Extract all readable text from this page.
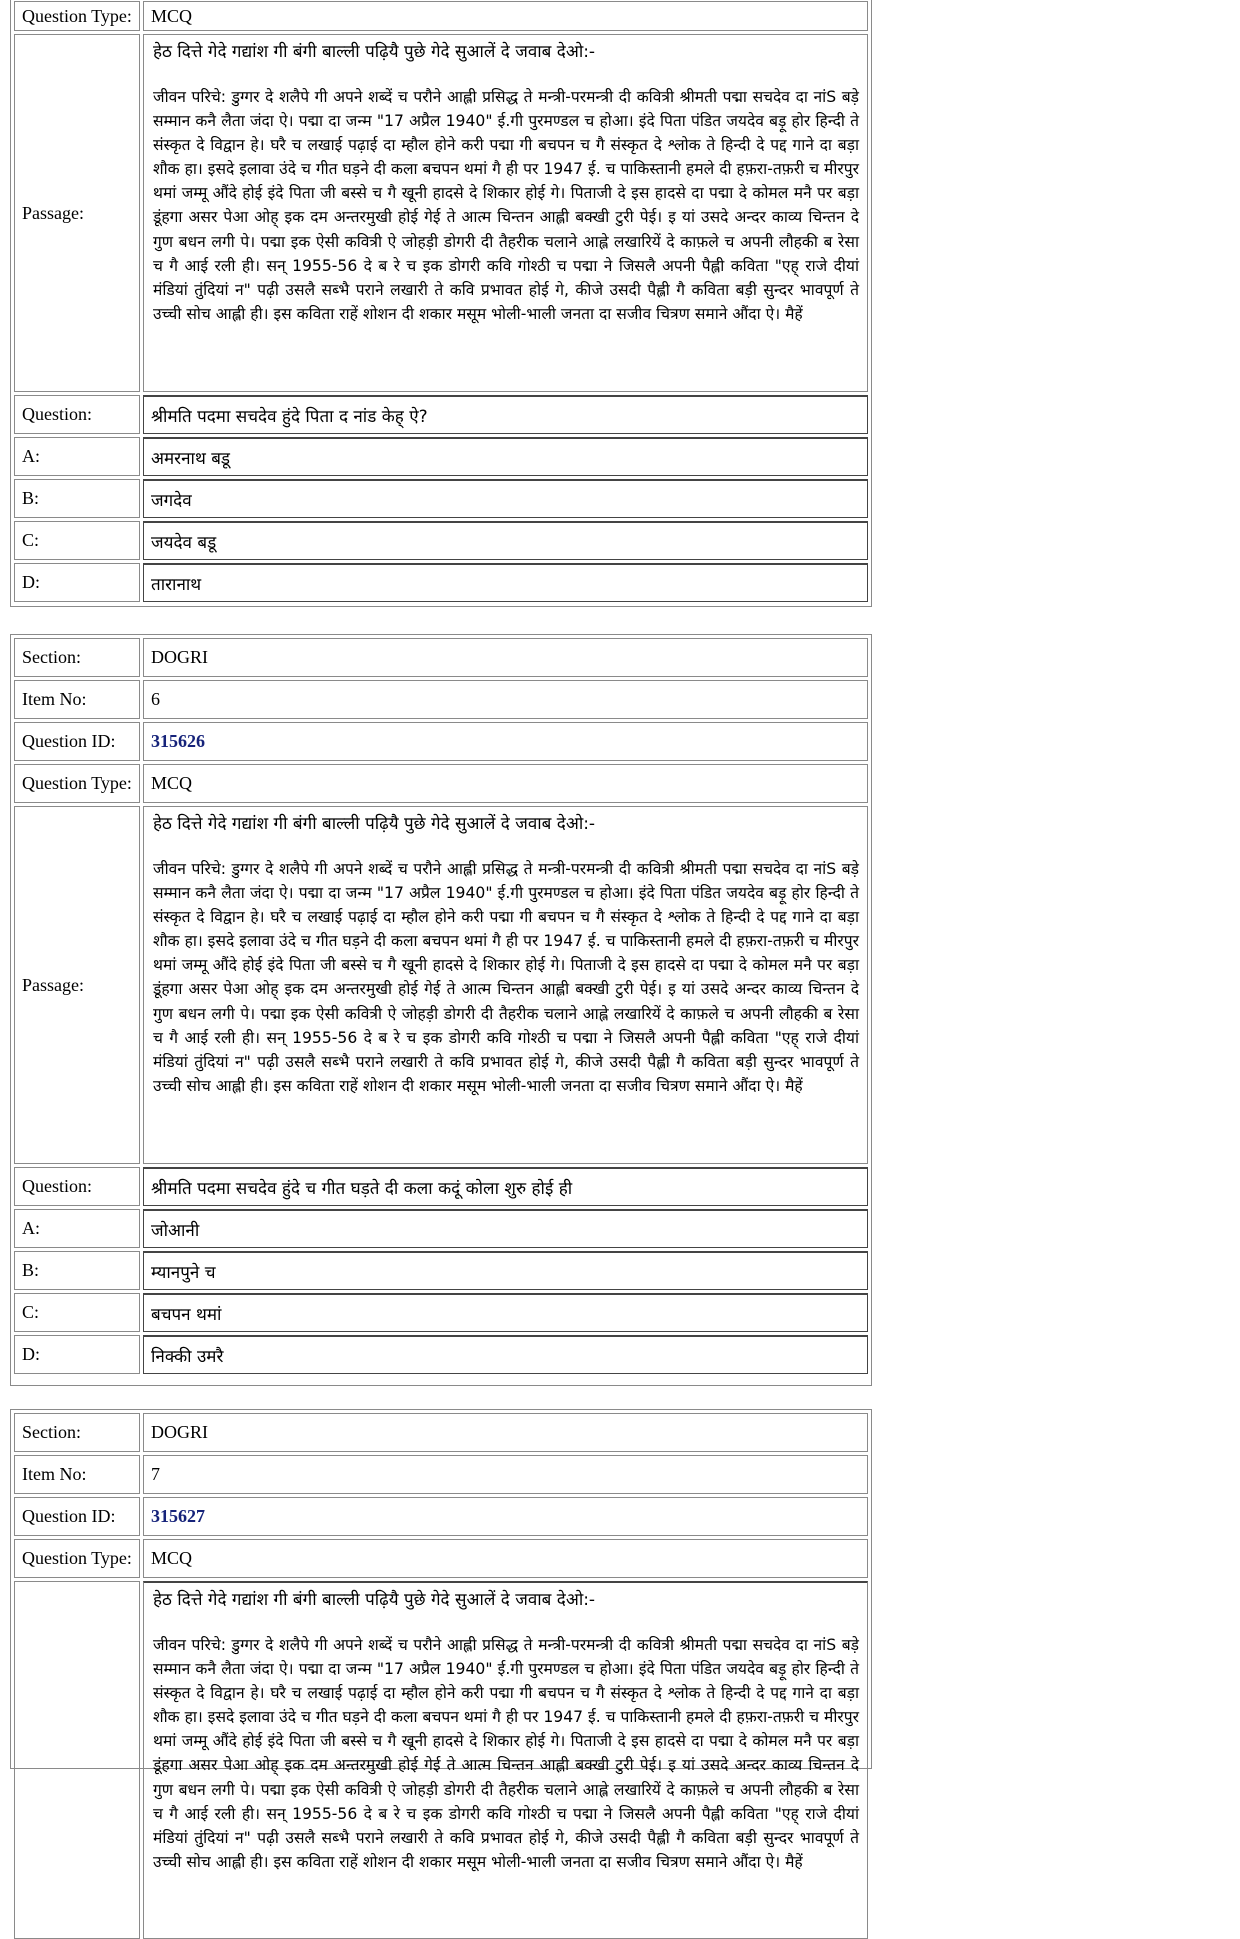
Question Type:	MCQ
Passage:
हेठ दित्ते गेदे गद्यांश गी बंगी बाल्ली पढ़ियै पुछे गेदे सुआलें दे जवाब देओ:-
जीवन परिचे: डुग्गर दे शलैपे गी अपने शब्दें च परौने आह्ली प्रसिद्ध ते मन्त्री-परमन्त्री दी कवित्री श्रीमती पद्मा सचदेव दा नांS बड़े सम्मान कनै लैता जंदा ऐ। पद्मा दा जन्म "17 अप्रैल 1940" ई.गी पुरमण्डल च होआ। इंदे पिता पंडित जयदेव बड़ू होर हिन्दी ते संस्कृत दे विद्वान हे। घरै च लखाई पढ़ाई दा म्हौल होने करी पद्मा गी बचपन च गै संस्कृत दे श्लोक ते हिन्दी दे पद्द गाने दा बड़ा शौक हा। इसदे इलावा उंदे च गीत घड़ने दी कला बचपन थमां गै ही पर 1947 ई. च पाकिस्तानी हमले दी हफ़रा-तफ़री च मीरपुर थमां जम्मू औंदे होई इंदे पिता जी बस्से च गै खूनी हादसे दे शिकार होई गे। पिताजी दे इस हादसे दा पद्मा दे कोमल मनै पर बड़ा डूंहगा असर पेआ ओह् इक दम अन्तरमुखी होई गेई ते आत्म चिन्तन आह्ली बक्खी टुरी पेई। इ यां उसदे अन्दर काव्य चिन्तन दे गुण बधन लगी पे। पद्मा इक ऐसी कवित्री ऐ जोहड़ी डोगरी दी तैहरीक चलाने आह्ले लखारियें दे काफ़ले च अपनी लौहकी ब रेसा च गै आई रली ही। सन् 1955-56 दे ब रे च इक डोगरी कवि गोश्ठी च पद्मा ने जिसलै अपनी पैह्ली कविता "एह् राजे दीयां मंडियां तुंदियां न" पढ़ी उसलै सब्भै पराने लखारी ते कवि प्रभावत होई गे, कीजे उसदी पैह्ली गै कविता बड़ी सुन्दर भावपूर्ण ते उच्ची सोच आह्ली ही। इस कविता राहें शोशन दी शकार मसूम भोली-भाली जनता दा सजीव चित्रण समाने औंदा ऐ। मैहें
Question:	श्रीमति पदमा सचदेव हुंदे पिता द नांड केह् ऐ?
A:	अमरनाथ बडू
B:	जगदेव
C:	जयदेव बडू
D:	तारानाथ
Section:	DOGRI
Item No:	6
Question ID:	315626
Question Type:	MCQ
Passage:
हेठ दित्ते गेदे गद्यांश गी बंगी बाल्ली पढ़ियै पुछे गेदे सुआलें दे जवाब देओ:-
जीवन परिचे: डुग्गर दे शलैपे गी अपने शब्दें च परौने आह्ली प्रसिद्ध ते मन्त्री-परमन्त्री दी कवित्री श्रीमती पद्मा सचदेव दा नांS बड़े सम्मान कनै लैता जंदा ऐ। पद्मा दा जन्म "17 अप्रैल 1940" ई.गी पुरमण्डल च होआ। इंदे पिता पंडित जयदेव बड़ू होर हिन्दी ते संस्कृत दे विद्वान हे। घरै च लखाई पढ़ाई दा म्हौल होने करी पद्मा गी बचपन च गै संस्कृत दे श्लोक ते हिन्दी दे पद्द गाने दा बड़ा शौक हा। इसदे इलावा उंदे च गीत घड़ने दी कला बचपन थमां गै ही पर 1947 ई. च पाकिस्तानी हमले दी हफ़रा-तफ़री च मीरपुर थमां जम्मू औंदे होई इंदे पिता जी बस्से च गै खूनी हादसे दे शिकार होई गे। पिताजी दे इस हादसे दा पद्मा दे कोमल मनै पर बड़ा डूंहगा असर पेआ ओह् इक दम अन्तरमुखी होई गेई ते आत्म चिन्तन आह्ली बक्खी टुरी पेई। इ यां उसदे अन्दर काव्य चिन्तन दे गुण बधन लगी पे। पद्मा इक ऐसी कवित्री ऐ जोहड़ी डोगरी दी तैहरीक चलाने आह्ले लखारियें दे काफ़ले च अपनी लौहकी ब रेसा च गै आई रली ही। सन् 1955-56 दे ब रे च इक डोगरी कवि गोश्ठी च पद्मा ने जिसलै अपनी पैह्ली कविता "एह् राजे दीयां मंडियां तुंदियां न" पढ़ी उसलै सब्भै पराने लखारी ते कवि प्रभावत होई गे, कीजे उसदी पैह्ली गै कविता बड़ी सुन्दर भावपूर्ण ते उच्ची सोच आह्ली ही। इस कविता राहें शोशन दी शकार मसूम भोली-भाली जनता दा सजीव चित्रण समाने औंदा ऐ। मैहें
Question:	श्रीमति पदमा सचदेव हुंदे च गीत घड़ते दी कला कदूं कोला शुरु होई ही
A:	जोआनी
B:	म्यानपुने च
C:	बचपन थमां
D:	निक्की उमरै
Section:	DOGRI
Item No:	7
Question ID:	315627
Question Type:	MCQ
हेठ दित्ते गेदे गद्यांश गी बंगी बाल्ली पढ़ियै पुछे गेदे सुआलें दे जवाब देओ:-
जीवन परिचे: डुग्गर दे शलैपे गी अपने शब्दें च परौने आह्ली प्रसिद्ध ते मन्त्री-परमन्त्री दी कवित्री श्रीमती पद्मा सचदेव दा नांS बड़े सम्मान कनै लैता जंदा ऐ। पद्मा दा जन्म "17 अप्रैल 1940" ई.गी पुरमण्डल च होआ। इंदे पिता पंडित जयदेव बड़ू होर हिन्दी ते संस्कृत दे विद्वान हे। घरै च लखाई पढ़ाई दा म्हौल होने करी पद्मा गी बचपन च गै संस्कृत दे श्लोक ते हिन्दी दे पद्द गाने दा बड़ा शौक हा। इसदे इलावा उंदे च गीत घड़ने दी कला बचपन थमां गै ही पर 1947 ई. च पाकिस्तानी हमले दी हफ़रा-तफ़री च मीरपुर थमां जम्मू औंदे होई इंदे पिता जी बस्से च गै खूनी हादसे दे शिकार होई गे। पिताजी दे इस हादसे दा पद्मा दे कोमल मनै पर बड़ा डूंहगा असर पेआ ओह् इक दम अन्तरमुखी होई गेई ते आत्म चिन्तन आह्ली बक्खी टुरी पेई। इ यां उसदे अन्दर काव्य चिन्तन दे गुण बधन लगी पे। पद्मा इक ऐसी कवित्री ऐ जोहड़ी डोगरी दी तैहरीक चलाने आह्ले लखारियें दे काफ़ले च अपनी लौहकी ब रेसा च गै आई रली ही। सन् 1955-56 दे ब रे च इक डोगरी कवि गोश्ठी च पद्मा ने जिसलै अपनी पैह्ली कविता "एह् राजे दीयां मंडियां तुंदियां न" पढ़ी उसलै सब्भै पराने लखारी ते कवि प्रभावत होई गे, कीजे उसदी पैह्ली गै कविता बड़ी सुन्दर भावपूर्ण ते उच्ची सोच आह्ली ही। इस कविता राहें शोशन दी शकार मसूम भोली-भाली जनता दा सजीव चित्रण समाने औंदा ऐ। मैहें
